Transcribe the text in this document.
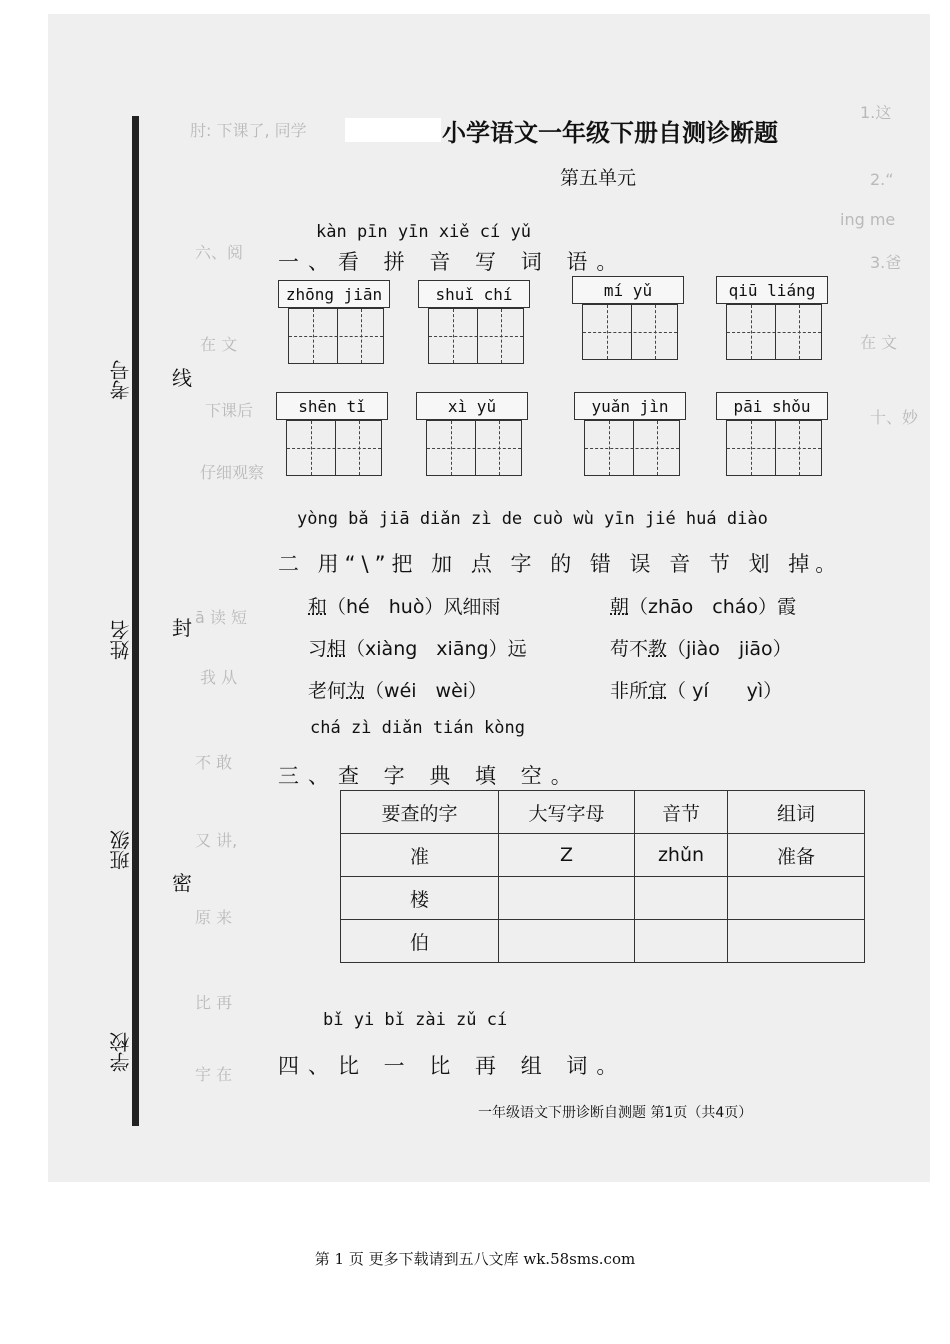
肘: 下课了, 同学
1.这
2.“
ing me
3.爸
六、阅
在 文	在 文
下课后	十、妙
仔细观察
ā 读 短
我 从
不 敢
又 讲,
原 来
比 再
宇 在
线
封
密
考号
姓名
班级
学校
小学语文一年级下册自测诊断题
第五单元
kàn pīn yīn xiě cí yǔ
一、看 拼 音 写 词 语。
zhōng jiān	shuǐ chí	mí yǔ	qiū liáng
shēn tǐ	xì yǔ	yuǎn jìn	pāi shǒu
yòng bǎ jiā diǎn zì de cuò wù yīn jié huá diào
二 用“\”把 加 点 字 的 错 误 音 节 划 掉。
和（hé　huò）风细雨	朝（zhāo　cháo）霞
习相（xiàng　xiāng）远	苟不教（jiào　jiāo）
老何为（wéi　wèi）	非所宜（ yí　　yì）
chá zì diǎn tián kòng
三、查 字 典 填 空。
要查的字	大写字母	音节	组词
准	Z	zhǔn	准备
楼			
伯			
bǐ yi bǐ zài zǔ cí
四、比 一 比 再 组 词。
一年级语文下册诊断自测题 第1页（共4页）
第 1 页 更多下载请到五八文库 wk.58sms.com
